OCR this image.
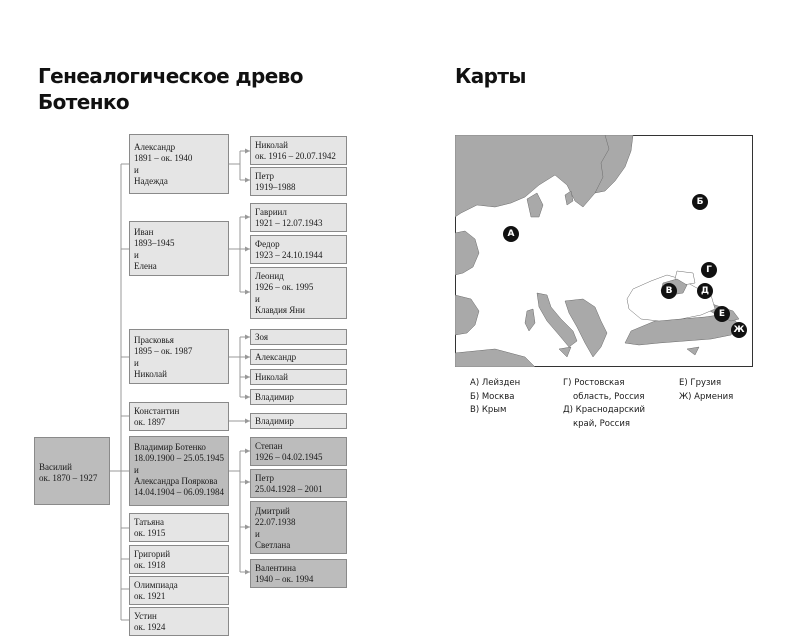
Генеалогическое древо
Ботенко
Карты
Василий
ок. 1870 – 1927
Александр
1891 – ок. 1940
и
Надежда
Иван
1893–1945
и
Елена
Прасковья
1895 – ок. 1987
и
Николай
Константин
ок. 1897
Владимир Ботенко
18.09.1900 – 25.05.1945
и
Александра Пояркова
14.04.1904 – 06.09.1984
Татьяна
ок. 1915
Григорий
ок. 1918
Олимпиада
ок. 1921
Устин
ок. 1924
Николай
ок. 1916 – 20.07.1942
Петр
1919–1988
Гавриил
1921 – 12.07.1943
Федор
1923 – 24.10.1944
Леонид
1926 – ок. 1995
и
Клавдия Яни
Зоя
Александр
Николай
Владимир
Владимир
Степан
1926 – 04.02.1945
Петр
25.04.1928 – 2001
Дмитрий
22.07.1938
и
Светлана
Валентина
1940 – ок. 1994
А
Б
Г
В	Д
Е
Ж
А) Лейзден
Б) Москва
В) Крым
Г) Ростовская
область, Россия
Д) Краснодарский
край, Россия
Е) Грузия
Ж) Армения
